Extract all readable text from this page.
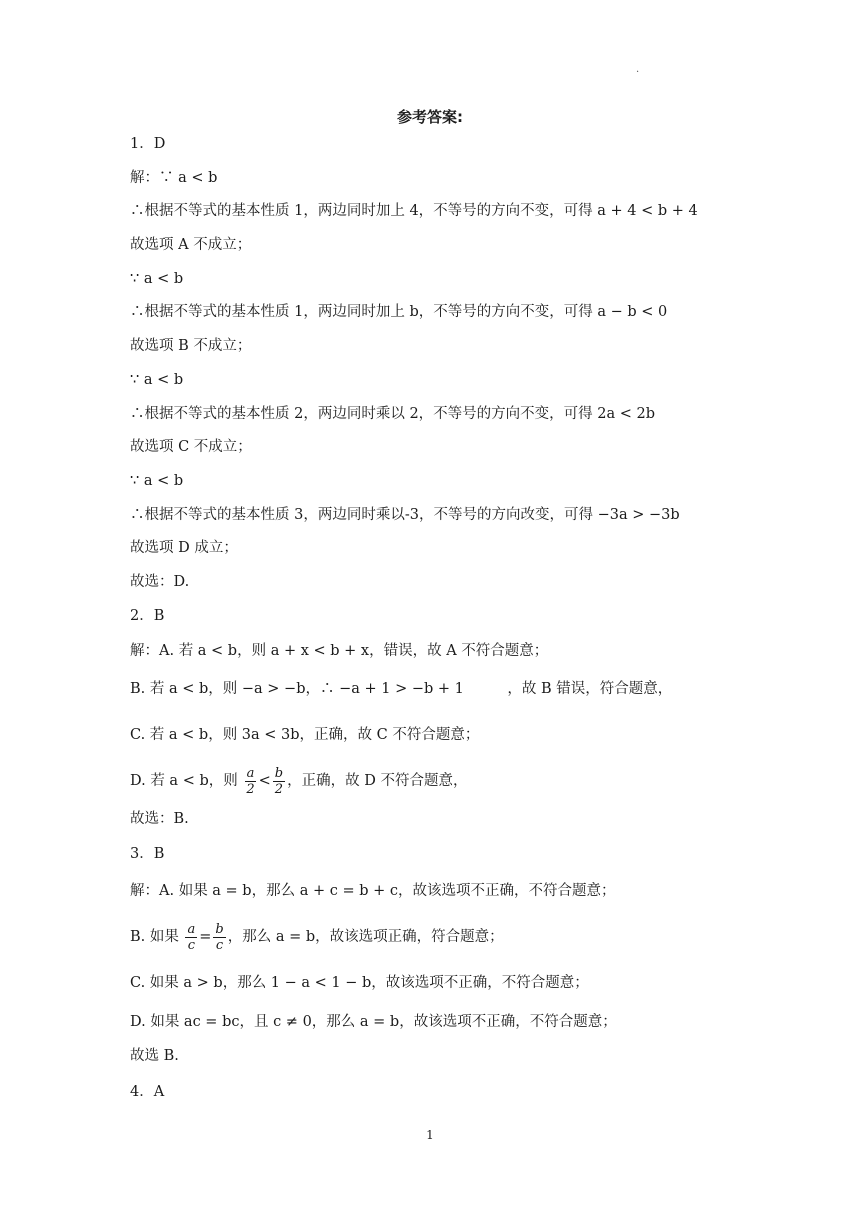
.
参考答案:
1．D
解：∵ a < b
∴根据不等式的基本性质 1，两边同时加上 4，不等号的方向不变，可得 a + 4 < b + 4
故选项 A 不成立；
∵ a < b
∴根据不等式的基本性质 1，两边同时加上 b，不等号的方向不变，可得 a − b < 0
故选项 B 不成立；
∵ a < b
∴根据不等式的基本性质 2，两边同时乘以 2，不等号的方向不变，可得 2a < 2b
故选项 C 不成立；
∵ a < b
∴根据不等式的基本性质 3，两边同时乘以-3，不等号的方向改变，可得 −3a > −3b
故选项 D 成立；
故选：D.
2．B
解：A. 若 a < b，则 a + x < b + x，错误，故 A 不符合题意；
B. 若 a < b，则 −a > −b，∴ −a + 1 > −b + 1　　　，故 B 错误，符合题意，
C. 若 a < b，则 3a < 3b，正确，故 C 不符合题意；
D. 若 a < b，则 $\frac{a}{2} < \frac{b}{2}$ ，正确，故 D 不符合题意，
故选：B.
3．B
解：A. 如果 a = b，那么 a + c = b + c，故该选项不正确，不符合题意；
B. 如果 $\frac{a}{c} = \frac{b}{c}$ ，那么 a = b，故该选项正确，符合题意；
C. 如果 a > b，那么 1 − a < 1 − b，故该选项不正确，不符合题意；
D. 如果 ac = bc，且 c ≠ 0，那么 a = b，故该选项不正确，不符合题意；
故选 B.
4．A
1
